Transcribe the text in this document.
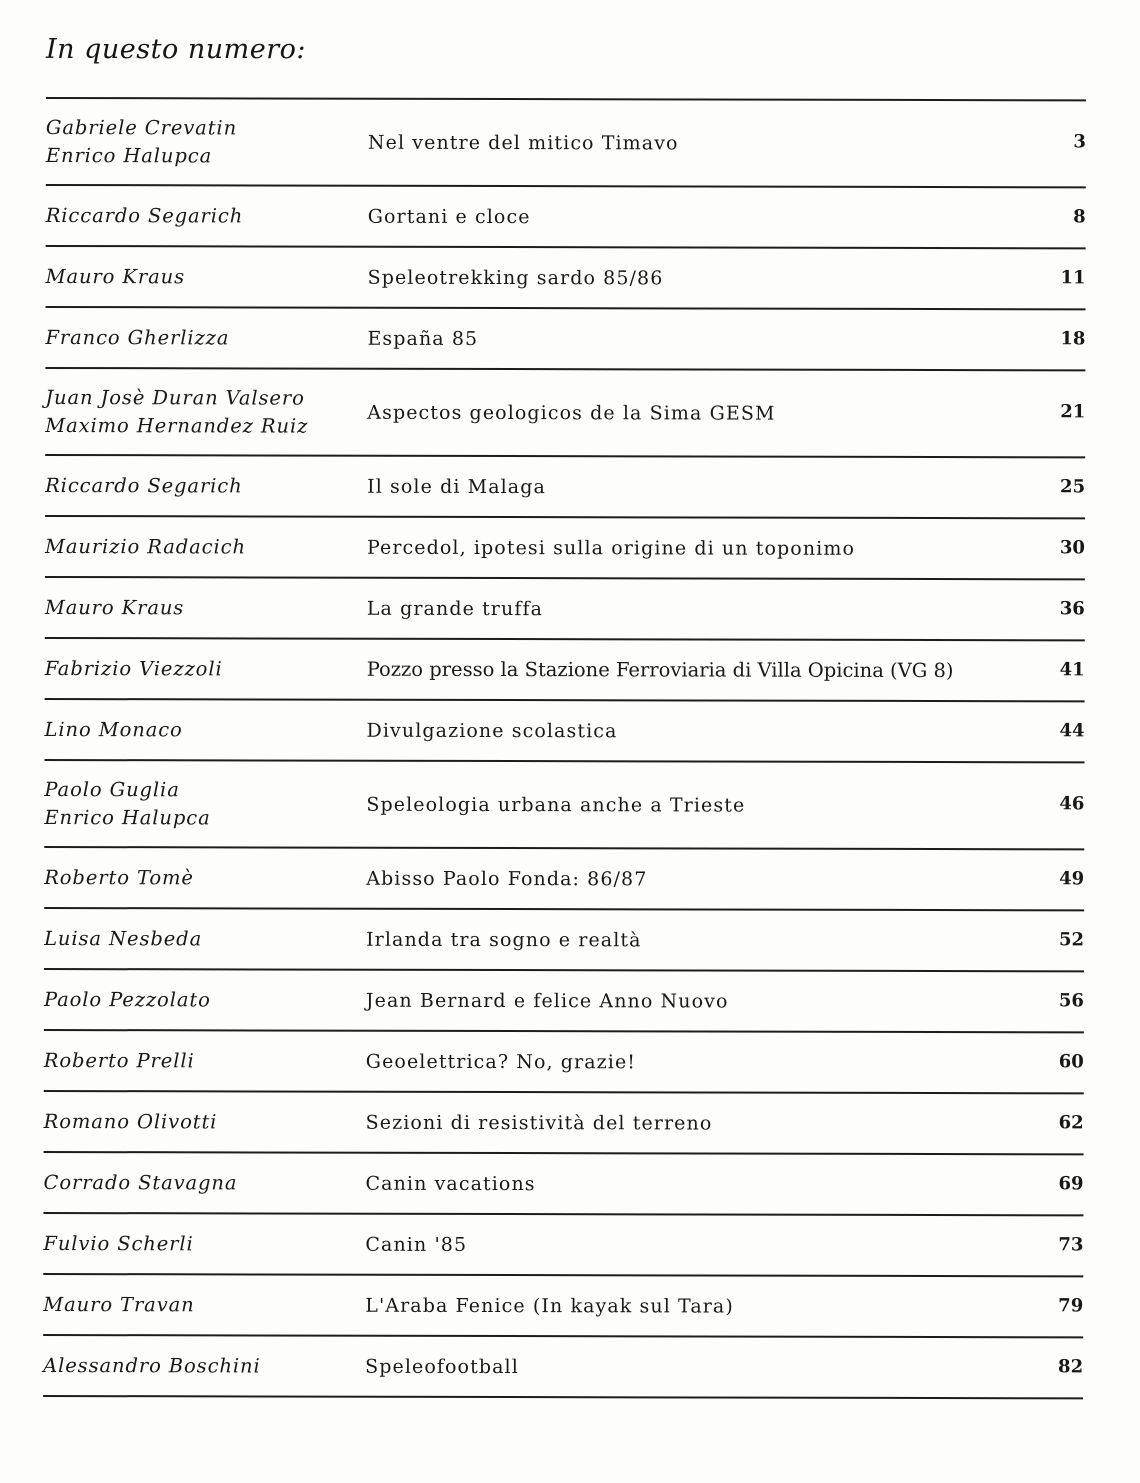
In questo numero:
Gabriele Crevatin
Enrico Halupca
Nel ventre del mitico Timavo	3
Riccardo Segarich	Gortani e cloce	8
Mauro Kraus	Speleotrekking sardo 85/86	11
Franco Gherlizza	España 85	18
Juan Josè Duran Valsero
Maximo Hernandez Ruiz
Aspectos geologicos de la Sima GESM	21
Riccardo Segarich	Il sole di Malaga	25
Maurizio Radacich	Percedol, ipotesi sulla origine di un toponimo	30
Mauro Kraus	La grande truffa	36
Fabrizio Viezzoli	Pozzo presso la Stazione Ferroviaria di Villa Opicina (VG 8)	41
Lino Monaco	Divulgazione scolastica	44
Paolo Guglia
Enrico Halupca
Speleologia urbana anche a Trieste	46
Roberto Tomè	Abisso Paolo Fonda: 86/87	49
Luisa Nesbeda	Irlanda tra sogno e realtà	52
Paolo Pezzolato	Jean Bernard e felice Anno Nuovo	56
Roberto Prelli	Geoelettrica? No, grazie!	60
Romano Olivotti	Sezioni di resistività del terreno	62
Corrado Stavagna	Canin vacations	69
Fulvio Scherli	Canin '85	73
Mauro Travan	L'Araba Fenice (In kayak sul Tara)	79
Alessandro Boschini	Speleofootball	82
